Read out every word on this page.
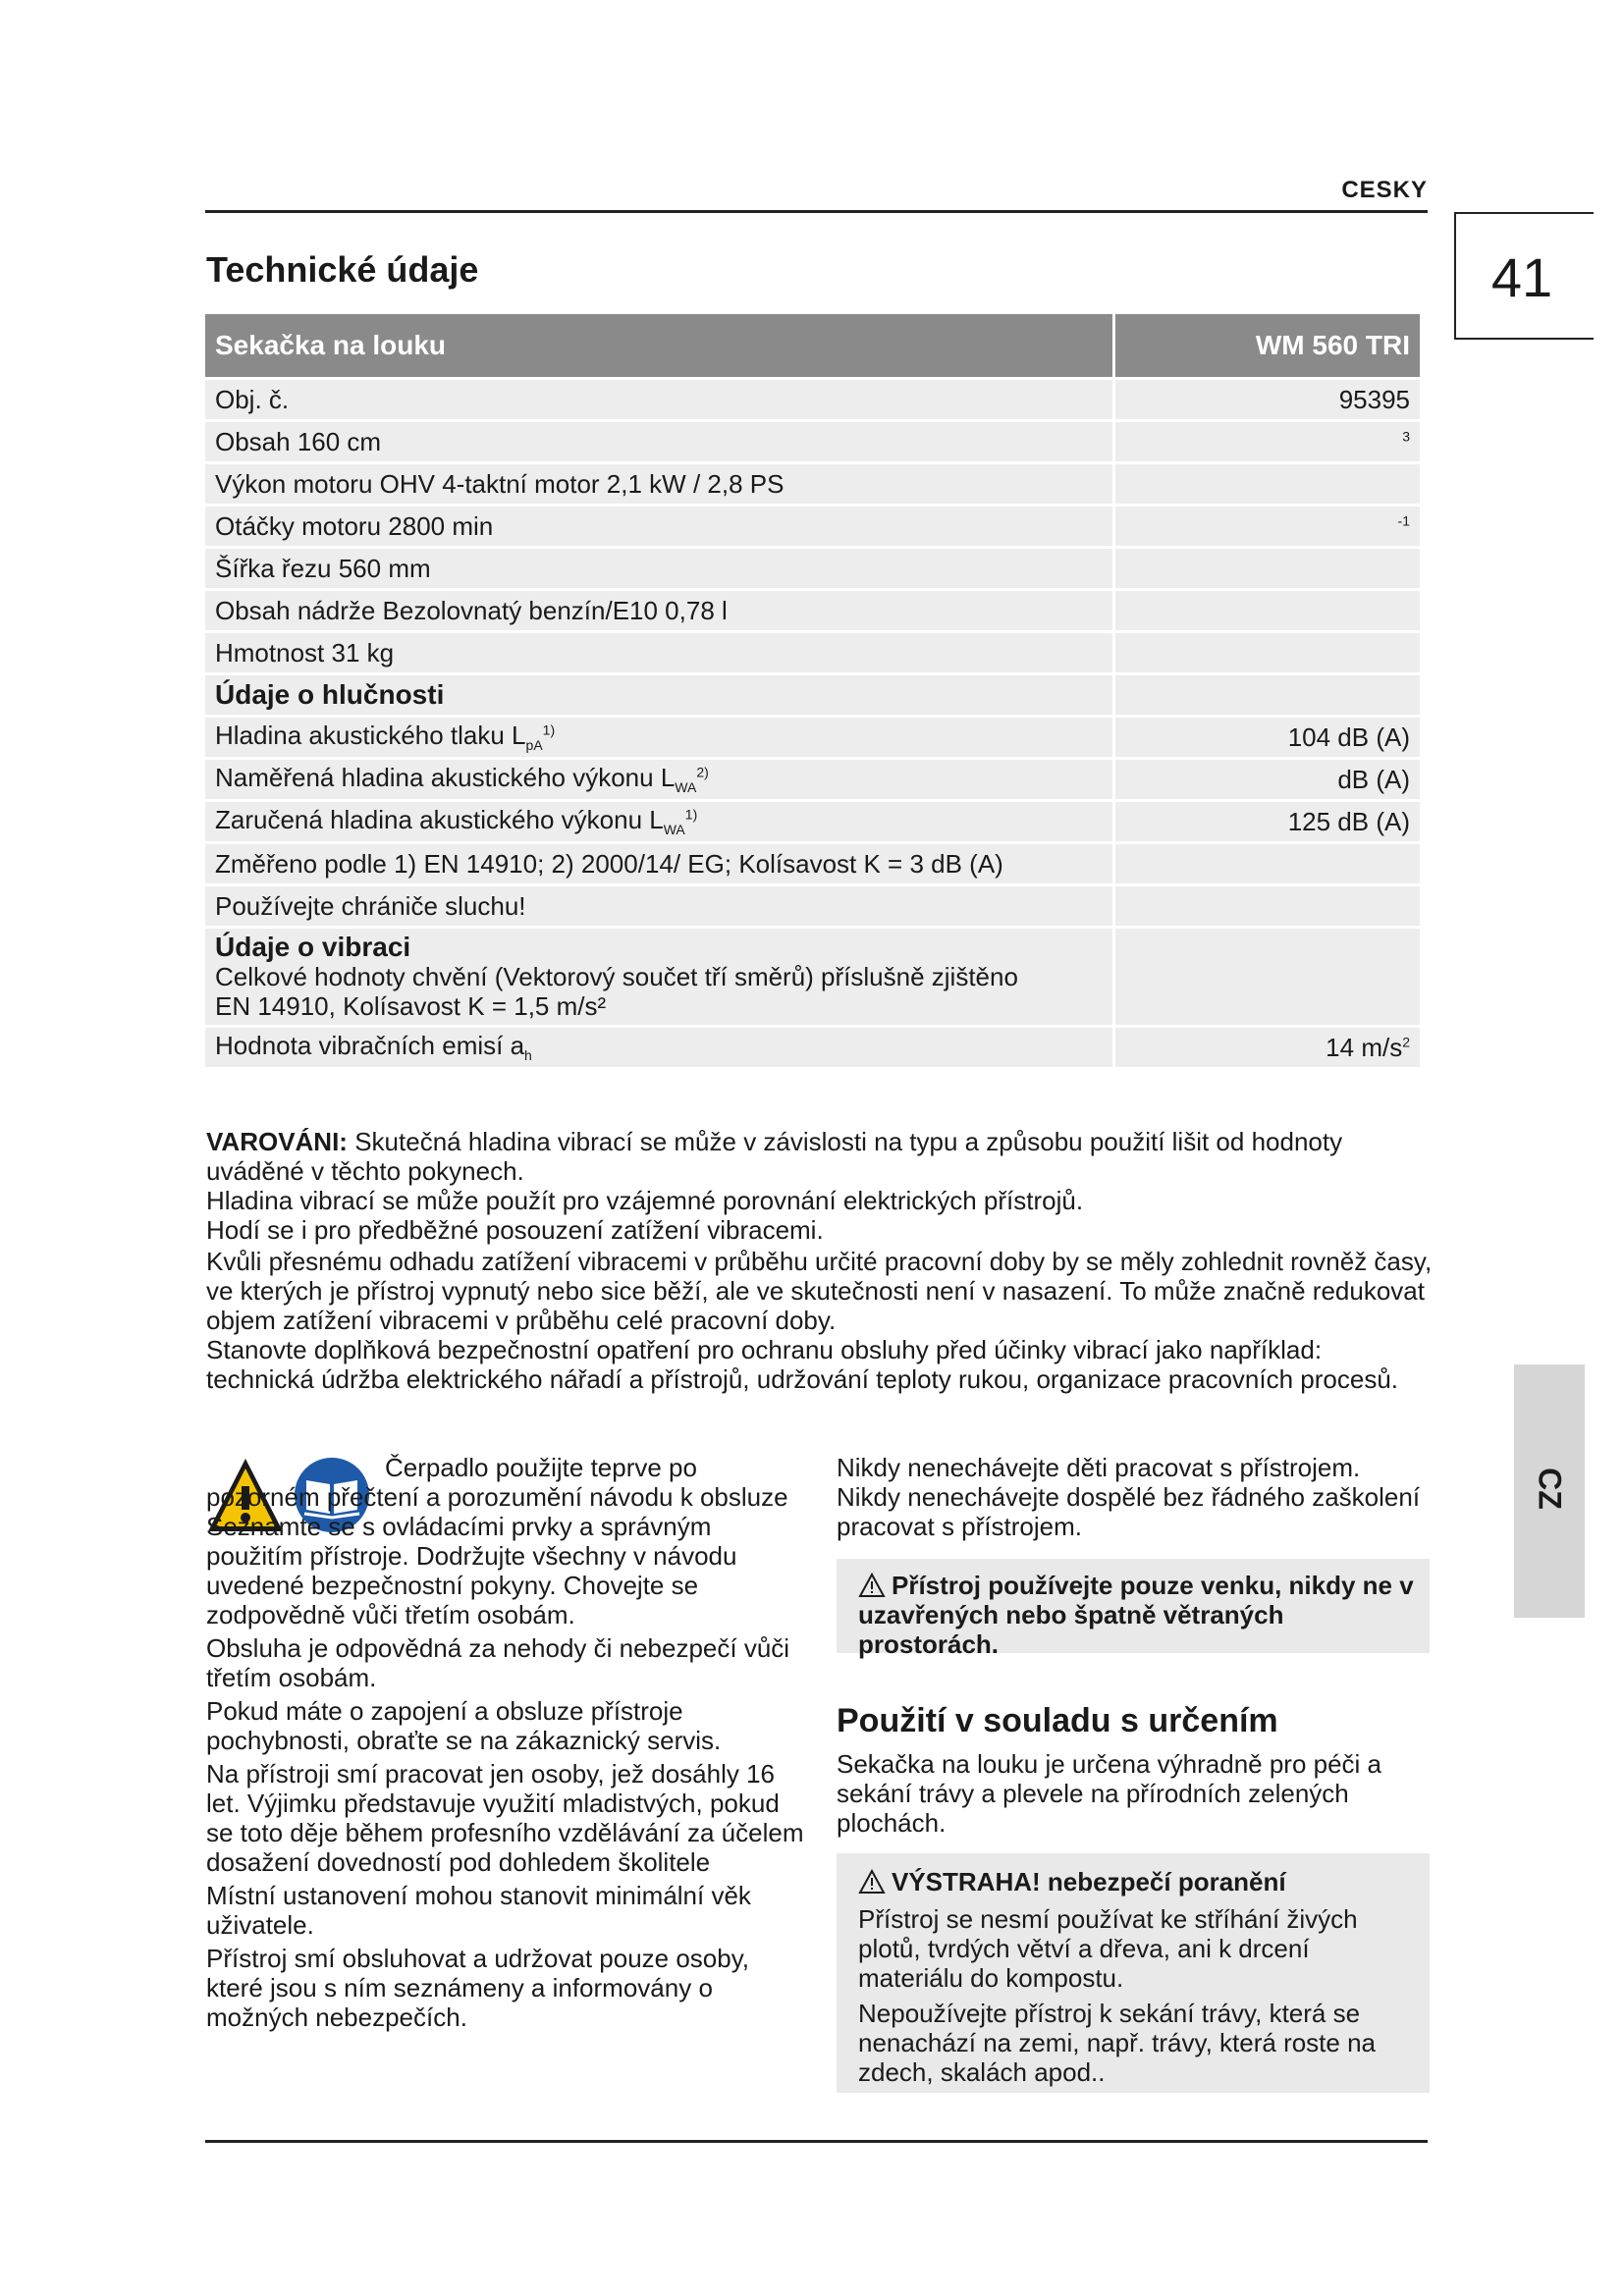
CESKY
41
Technické údaje
Sekačka na louku	WM 560 TRI
Obj. č.	95395
Obsah 160 cm	$^3$
Výkon motoru OHV 4-taktní motor 2,1 kW / 2,8 PS	
Otáčky motoru 2800 min	$^{-1}$
Šířka řezu 560 mm	
Obsah nádrže Bezolovnatý benzín/E10 0,78 l	
Hmotnost 31 kg	
Údaje o hlučnosti	
Hladina akustického tlaku $L_{pA}^{1)}$	104 dB (A)
Naměřená hladina akustického výkonu $L_{WA}^{2)}$	dB (A)
Zaručená hladina akustického výkonu $L_{WA}^{1)}$	125 dB (A)
Změřeno podle 1) EN 14910; 2) 2000/14/ EG; Kolísavost K = 3 dB (A)	
Používejte chrániče sluchu!	

Údaje o vibraci
Celkové hodnoty chvění (Vektorový součet tří směrů) příslušně zjištěno
EN 14910, Kolísavost K = 1,5 m/s²	

Hodnota vibračních emisí $a_h$	14 $m/s^2$

VAROVÁNI: Skutečná hladina vibrací se může v závislosti na typu a způsobu použití lišit od hodnoty uváděné v těchto pokynech.

Hladina vibrací se může použít pro vzájemné porovnání elektrických přístrojů.

Hodí se i pro předběžné posouzení zatížení vibracemi.

Kvůli přesnému odhadu zatížení vibracemi v průběhu určité pracovní doby by se měly zohlednit rovněž časy, ve kterých je přístroj vypnutý nebo sice běží, ale ve skutečnosti není v nasazení. To může značně redukovat objem zatížení vibracemi v průběhu celé pracovní doby.

Stanovte doplňková bezpečnostní opatření pro ochranu obsluhy před účinky vibrací jako například: technická údržba elektrického nářadí a přístrojů, udržování teploty rukou, organizace pracovních procesů.

Čerpadlo použijte teprve po pozorném přečtení a porozumění návodu k obsluze Seznamte se s ovládacími prvky a správným použitím přístroje. Dodržujte všechny v návodu uvedené bezpečnostní pokyny. Chovejte se zodpovědně vůči třetím osobám.

Obsluha je odpovědná za nehody či nebezpečí vůči třetím osobám.

Pokud máte o zapojení a obsluze přístroje pochybnosti, obraťte se na zákaznický servis.

Na přístroji smí pracovat jen osoby, jež dosáhly 16 let. Výjimku představuje využití mladistvých, pokud se toto děje během profesního vzdělávání za účelem dosažení dovedností pod dohledem školitele

Místní ustanovení mohou stanovit minimální věk uživatele.

Přístroj smí obsluhovat a udržovat pouze osoby, které jsou s ním seznámeny a informovány o možných nebezpečích.

Nikdy nenechávejte děti pracovat s přístrojem. Nikdy nenechávejte dospělé bez řádného zaškolení pracovat s přístrojem.

Přístroj používejte pouze venku, nikdy ne v uzavřených nebo špatně větraných prostorách.
Použití v souladu s určením
Sekačka na louku je určena výhradně pro péči a sekání trávy a plevele na přírodních zelených plochách.
VÝSTRAHA! nebezpečí poranění

Přístroj se nesmí používat ke stříhání živých plotů, tvrdých větví a dřeva, ani k drcení materiálu do kompostu.

Nepoužívejte přístroj k sekání trávy, která se nenachází na zemi, např. trávy, která roste na zdech, skalách apod..

CZ
